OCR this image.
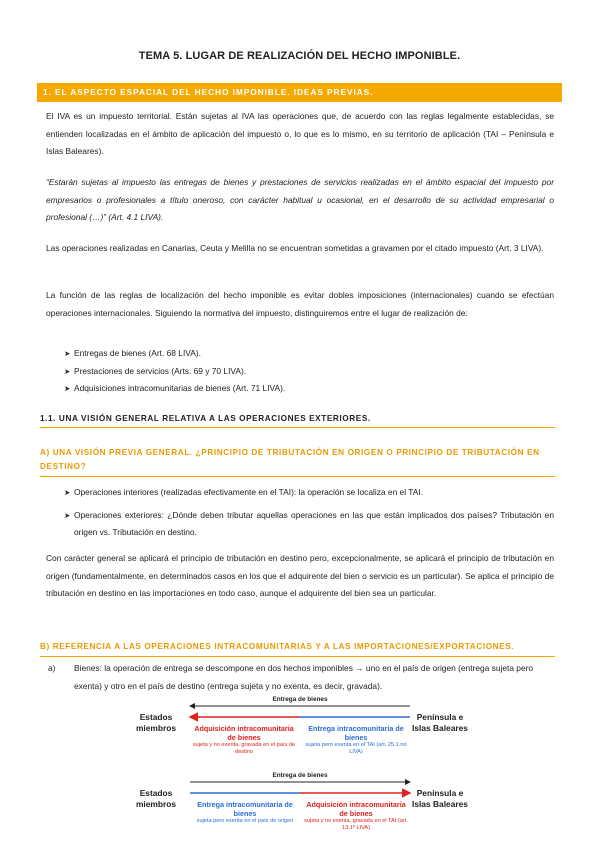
TEMA 5. LUGAR DE REALIZACIÓN DEL HECHO IMPONIBLE.
1. EL ASPECTO ESPACIAL DEL HECHO IMPONIBLE. IDEAS PREVIAS.
El IVA es un impuesto territorial. Están sujetas al IVA las operaciones que, de acuerdo con las reglas legalmente establecidas, se entienden localizadas en el ámbito de aplicación del impuesto o, lo que es lo mismo, en su territorio de aplicación (TAI – Península e Islas Baleares).
“Estarán sujetas al impuesto las entregas de bienes y prestaciones de servicios realizadas en el ámbito espacial del impuesto por empresarios o profesionales a título oneroso, con carácter habitual u ocasional, en el desarrollo de su actividad empresarial o profesional (…)” (Art. 4.1 LIVA).
Las operaciones realizadas en Canarias, Ceuta y Melilla no se encuentran sometidas a gravamen por el citado impuesto (Art. 3 LIVA).
La función de las reglas de localización del hecho imponible es evitar dobles imposiciones (internacionales) cuando se efectúan operaciones internacionales. Siguiendo la normativa del impuesto, distinguiremos entre el lugar de realización de:
➤ Entregas de bienes (Art. 68 LIVA).
➤ Prestaciones de servicios (Arts. 69 y 70 LIVA).
➤ Adquisiciones intracomunitarias de bienes (Art. 71 LIVA).
1.1. UNA VISIÓN GENERAL RELATIVA A LAS OPERACIONES EXTERIORES.
A) UNA VISIÓN PREVIA GENERAL. ¿PRINCIPIO DE TRIBUTACIÓN EN ORIGEN O PRINCIPIO DE TRIBUTACIÓN EN DESTINO?
➤ Operaciones interiores (realizadas efectivamente en el TAI): la operación se localiza en el TAI.
➤ Operaciones exteriores: ¿Dónde deben tributar aquellas operaciones en las que están implicados dos países? Tributación en origen vs. Tributación en destino.
Con carácter general se aplicará el principio de tributación en destino pero, excepcionalmente, se aplicará el principio de tributación en origen (fundamentalmente, en determinados casos en los que el adquirente del bien o servicio es un particular). Se aplica el principio de tributación en destino en las importaciones en todo caso, aunque el adquirente del bien sea un particular.
B) REFERENCIA A LAS OPERACIONES INTRACOMUNITARIAS Y A LAS IMPORTACIONES/EXPORTACIONES.
a)	Bienes: la operación de entrega se descompone en dos hechos imponibles → uno en el país de origen (entrega sujeta pero exenta) y otro en el país de destino (entrega sujeta y no exenta, es decir, gravada).
Entrega de bienes
Estados miembros
Península e Islas Baleares
Adquisición intracomunitaria de bienes
sujeta y no exenta, gravada en el país de destino
Entrega intracomunitaria de bienes
sujeta pero exenta en el TAI (art. 25.1.no LIVA)
Entrega de bienes
Estados miembros
Península e Islas Baleares
Entrega intracomunitaria de bienes
sujeta pero exenta en el país de origen
Adquisición intracomunitaria de bienes
sujeta y no exenta, gravada en el TAI (art. 13.1º LIVA)
